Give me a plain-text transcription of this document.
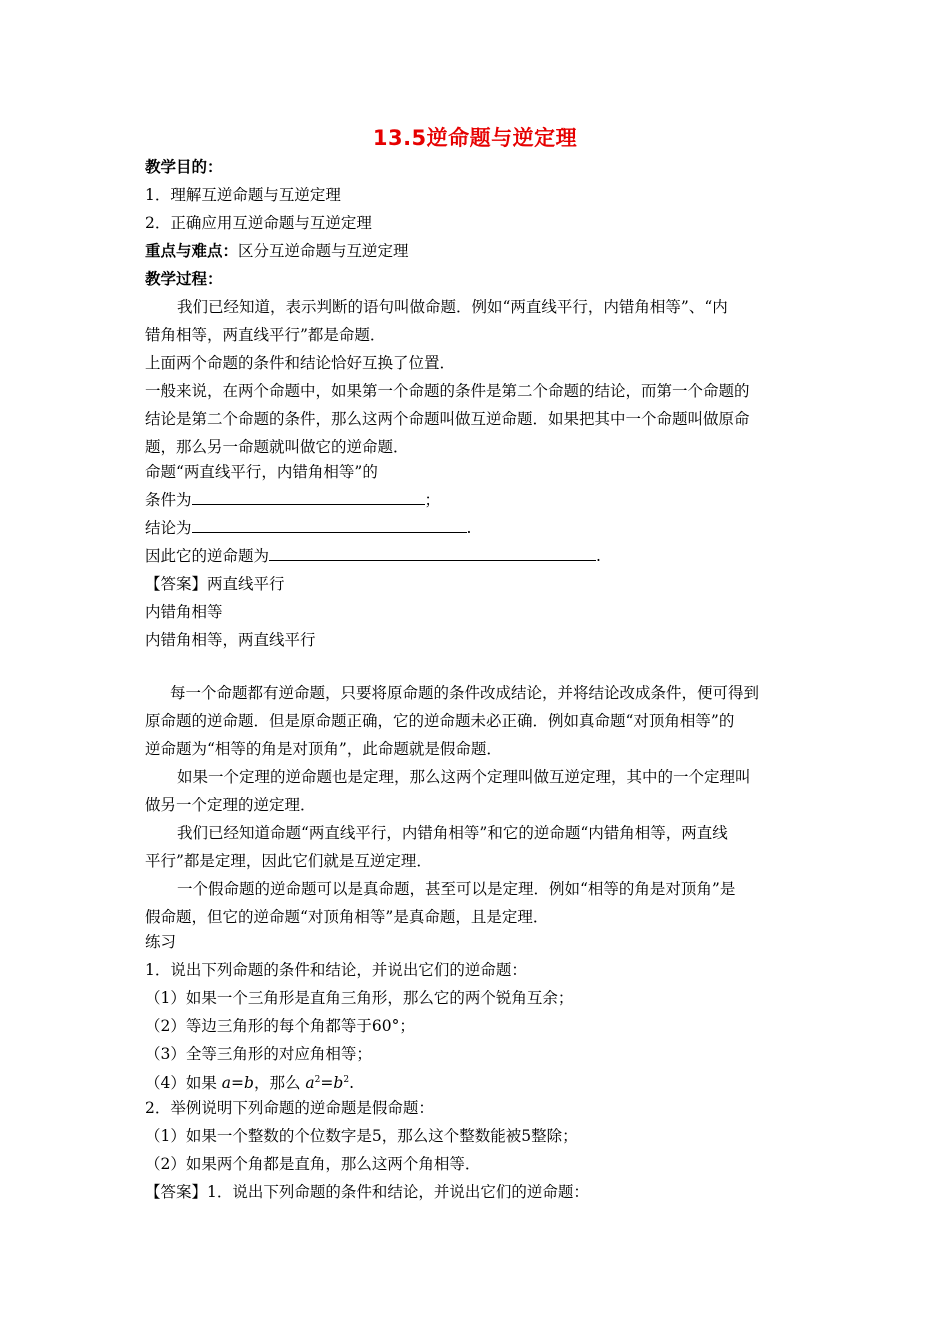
13.5逆命题与逆定理
教学目的：
1．理解互逆命题与互逆定理
2．正确应用互逆命题与互逆定理
重点与难点：区分互逆命题与互逆定理
教学过程：
我们已经知道，表示判断的语句叫做命题．例如“两直线平行，内错角相等”、“内
错角相等，两直线平行”都是命题．
上面两个命题的条件和结论恰好互换了位置．
一般来说，在两个命题中，如果第一个命题的条件是第二个命题的结论，而第一个命题的
结论是第二个命题的条件，那么这两个命题叫做互逆命题．如果把其中一个命题叫做原命
题，那么另一命题就叫做它的逆命题．
命题“两直线平行，内错角相等”的
条件为	；
结论为	.
因此它的逆命题为	.
【答案】两直线平行
内错角相等
内错角相等，两直线平行
每一个命题都有逆命题，只要将原命题的条件改成结论，并将结论改成条件，便可得到
原命题的逆命题．但是原命题正确，它的逆命题未必正确．例如真命题“对顶角相等”的
逆命题为“相等的角是对顶角”，此命题就是假命题．
如果一个定理的逆命题也是定理，那么这两个定理叫做互逆定理，其中的一个定理叫
做另一个定理的逆定理．
我们已经知道命题“两直线平行，内错角相等”和它的逆命题“内错角相等，两直线
平行”都是定理，因此它们就是互逆定理．
一个假命题的逆命题可以是真命题，甚至可以是定理．例如“相等的角是对顶角”是
假命题，但它的逆命题“对顶角相等”是真命题，且是定理．
练习
1．说出下列命题的条件和结论，并说出它们的逆命题：
（1）如果一个三角形是直角三角形，那么它的两个锐角互余；
（2）等边三角形的每个角都等于60°；
（3）全等三角形的对应角相等；
（4）如果 a=b，那么 $a^2=b^2$.
2．举例说明下列命题的逆命题是假命题：
（1）如果一个整数的个位数字是5，那么这个整数能被5整除；
（2）如果两个角都是直角，那么这两个角相等．
【答案】1．说出下列命题的条件和结论，并说出它们的逆命题：
